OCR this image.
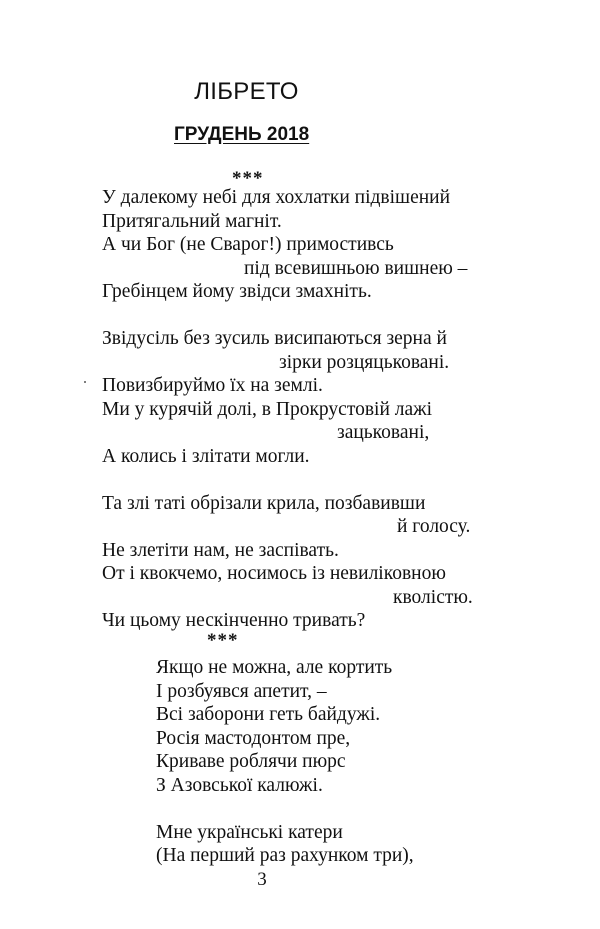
ЛІБРЕТО
ГРУДЕНЬ 2018
***
У далекому небі для хохлатки підвішений
Притягальний магніт.
А чи Бог (не Сварог!) примостивсь
під всевишньою вишнею –
Гребінцем йому звідси змахніть.
Звідусіль без зусиль висипаються зерна й
зірки розцяцьковані.
Повизбируймо їх на землі.
Ми у курячій долі, в Прокрустовій лажі
зацьковані,
А колись і злітати могли.
Та злі таті обрізали крила, позбавивши
й голосу.
Не злетіти нам, не заспівать.
От і квокчемо, носимось із невиліковною
кволістю.
Чи цьому нескінченно тривать?
***
Якщо не можна, але кортить
І розбуявся апетит, –
Всі заборони геть байдужі.
Росія мастодонтом пре,
Криваве роблячи пюрс
З Азовської калюжі.
Мне українські катери
(На перший раз рахунком три),
3
